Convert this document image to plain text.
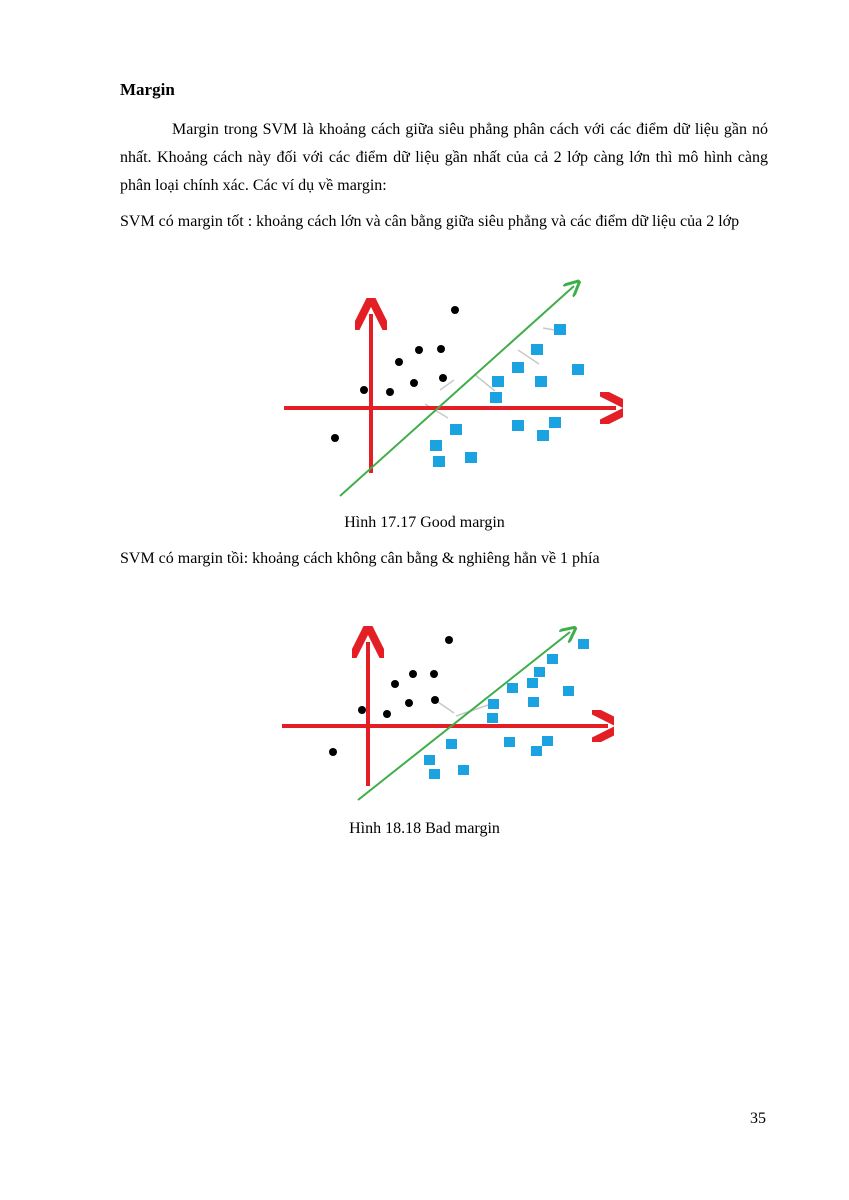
Margin

Margin trong SVM là khoảng cách giữa siêu phẳng phân cách với các điểm dữ liệu gần nó nhất. Khoảng cách này đối với các điểm dữ liệu gần nhất của cả 2 lớp càng lớn thì mô hình càng phân loại chính xác. Các ví dụ về margin:

SVM có margin tốt : khoảng cách lớn và cân bằng giữa siêu phẳng và các điểm dữ liệu của 2 lớp

Hình 17.17 Good margin
SVM có margin tồi: khoảng cách không cân bằng & nghiêng hẳn về 1 phía
Hình 18.18 Bad margin
35
